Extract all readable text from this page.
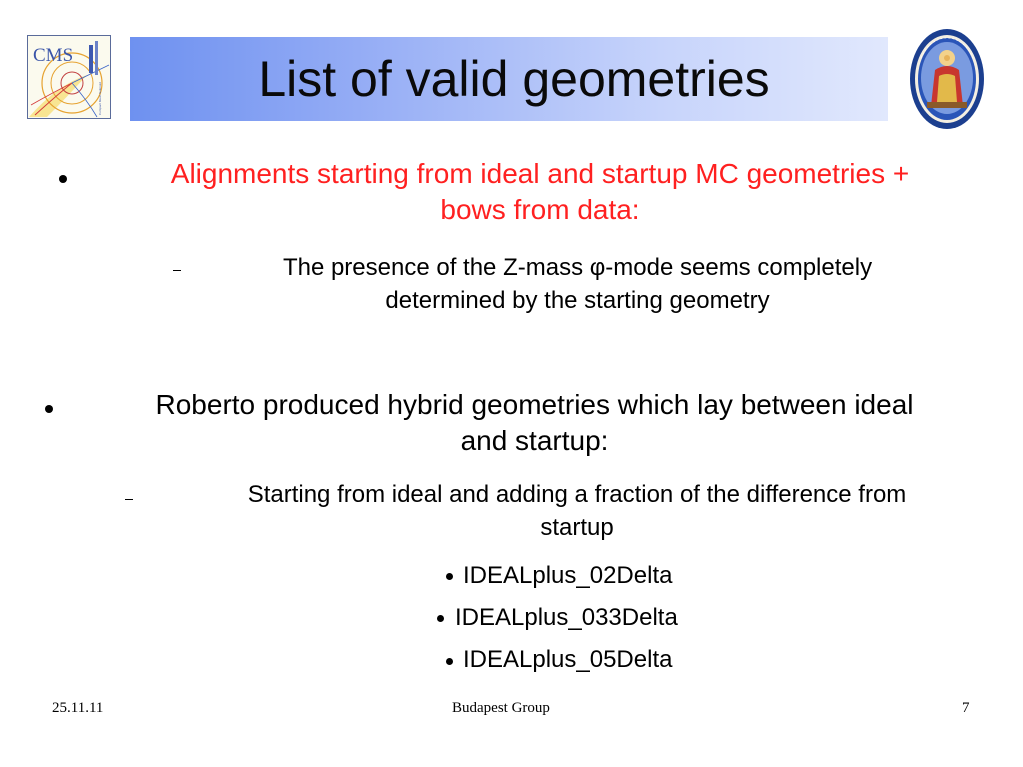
CMS
Compact Muon Solenoid	List of valid geometries
Alignments starting from ideal and startup MC geometries +
bows from data:
The presence of the Z-mass φ-mode seems completely
determined by the starting geometry
Roberto produced hybrid geometries which lay between ideal
and startup:
Starting from ideal and adding a fraction of the difference from
startup
IDEALplus_02Delta
IDEALplus_033Delta
IDEALplus_05Delta
25.11.11	Budapest Group	7
